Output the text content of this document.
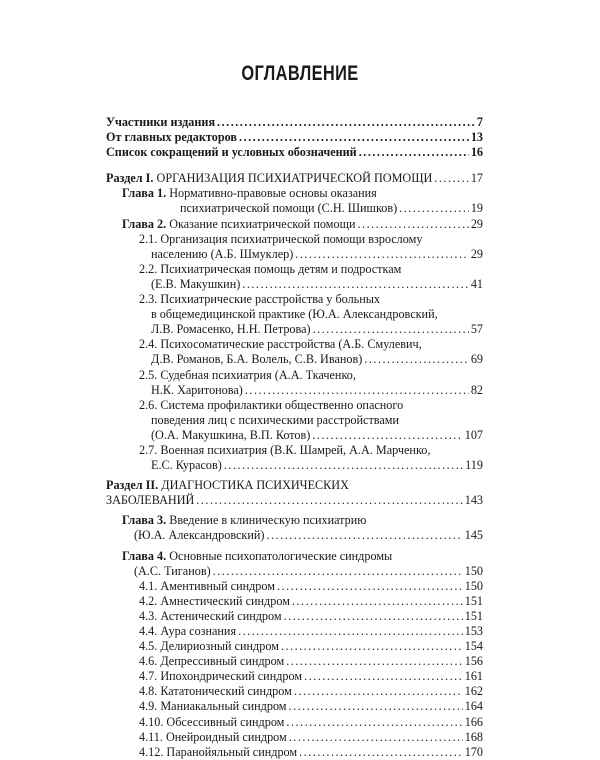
ОГЛАВЛЕНИЕ
Участники издания .....	7
От главных редакторов .....	13
Список сокращений и условных обозначений .....	16
Раздел I.
ОРГАНИЗАЦИЯ ПСИХИАТРИЧЕСКОЙ ПОМОЩИ .....	17
Глава 1. Нормативно-правовые основы оказания
психиатрической помощи (С.Н. Шишков) .....	19
Глава 2.
Оказание психиатрической помощи .....	29
2.1. Организация психиатрической помощи взрослому
населению (А.Б. Шмуклер) .....	29
2.2. Психиатрическая помощь детям и подросткам
(Е.В. Макушкин) .....	41
2.3. Психиатрические расстройства у больных
в общемедицинской практике (Ю.А. Александровский,
Л.В. Ромасенко, Н.Н. Петрова) .....	57
2.4. Психосоматические расстройства (А.Б. Смулевич,
Д.В. Романов, Б.А. Волель, С.В. Иванов) .....	69
2.5. Судебная психиатрия (А.А. Ткаченко,
Н.К. Харитонова) .....	82
2.6. Система профилактики общественно опасного
поведения лиц с психическими расстройствами
(О.А. Макушкина, В.П. Котов) .....	107
2.7. Военная психиатрия (В.К. Шамрей, А.А. Марченко,
Е.С. Курасов) .....	119
Раздел II. ДИАГНОСТИКА ПСИХИЧЕСКИХ
ЗАБОЛЕВАНИЙ .....	143
Глава 3. Введение в клиническую психиатрию
(Ю.А. Александровский) .....	145
Глава 4. Основные психопатологические синдромы
(А.С. Тиганов) .....	150
4.1. Аментивный синдром .....	150
4.2. Амнестический синдром .....	151
4.3. Астенический синдром .....	151
4.4. Аура сознания .....	153
4.5. Делириозный синдром .....	154
4.6. Депрессивный синдром .....	156
4.7. Ипохондрический синдром .....	161
4.8. Кататонический синдром .....	162
4.9. Маниакальный синдром .....	164
4.10. Обсессивный синдром .....	166
4.11. Онейроидный синдром .....	168
4.12. Паранойяльный синдром .....	170
